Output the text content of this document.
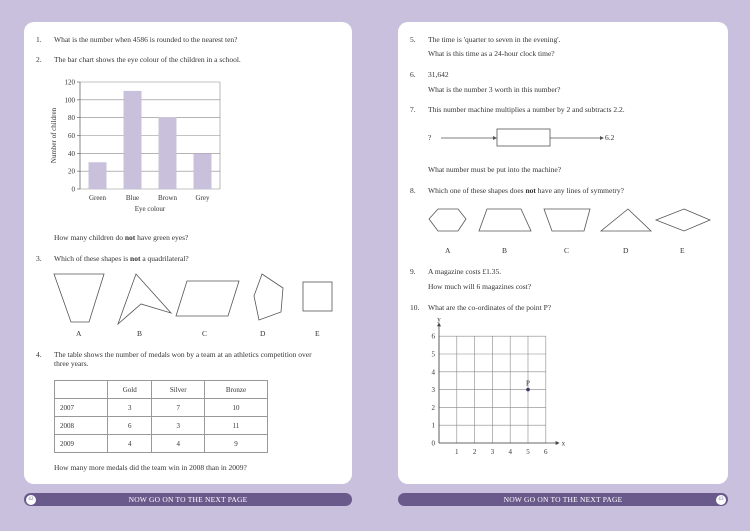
1. What is the number when 4586 is rounded to the nearest ten?
2. The bar chart shows the eye colour of the children in a school.
0
20
40
60
80
100
120
Green	Blue	Brown	Grey
Eye colour
Number of children
How many children do not have green eyes?
3. Which of these shapes is not a quadrilateral?
A	B	C	D	E
4. The table shows the number of medals won by a team at an athletics competition over
three years.
	Gold	Silver	Bronze
2007	3	7	10
2008	6	3	11
2009	4	4	9
How many more medals did the team win in 2008 than in 2009?
5. The time is 'quarter to seven in the evening'.
What is this time as a 24-hour clock time?
6. 31,642
What is the number 3 worth in this number?
7. This number machine multiplies a number by 2 and subtracts 2.2.
?	6.2
What number must be put into the machine?
8. Which one of these shapes does not have any lines of symmetry?
A	B	C	D	E
9. A magazine costs £1.35.
How much will 6 magazines cost?
10. What are the co-ordinates of the point P?
x
y
1 2 3 4 5 6
0
1
2
3
4
5
6
P
42	NOW GO ON TO THE NEXT PAGE	NOW GO ON TO THE NEXT PAGE	43
